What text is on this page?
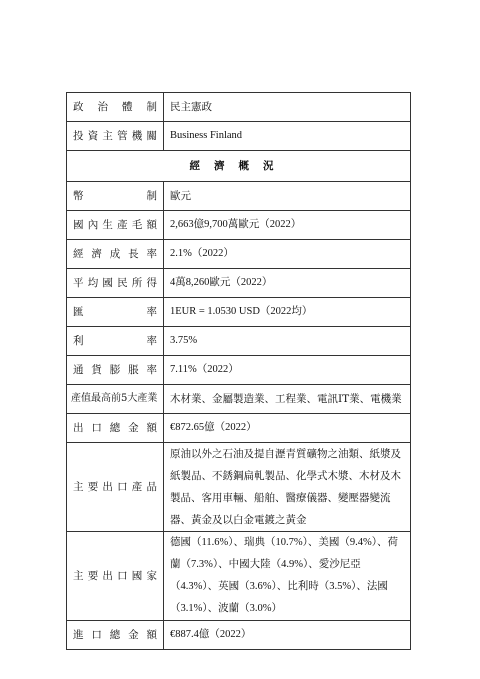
政治體制	民主憲政
投資主管機關	Business Finland
經濟概況	
幣制	歐元
國內生產毛額	2,663億9,700萬歐元（2022）
經濟成長率	2.1%（2022）
平均國民所得	4萬8,260歐元（2022）
匯率	1EUR = 1.0530 USD（2022均）
利率	3.75%
通貨膨脹率	7.11%（2022）
產值最高前5大產業	木材業、金屬製造業、工程業、電訊IT業、電機業
出口總金額	€872.65億（2022）
主要出口產品	原油以外之石油及提自瀝青質礦物之油類、紙漿及紙製品、不銹鋼扁軋製品、化學式木漿、木材及木製品、客用車輛、船舶、醫療儀器、變壓器變流器、黃金及以白金電鍍之黃金
主要出口國家	德國（11.6%）、瑞典（10.7%）、美國（9.4%）、荷蘭（7.3%）、中國大陸（4.9%）、愛沙尼亞（4.3%）、英國（3.6%）、比利時（3.5%）、法國（3.1%）、波蘭（3.0%）
進口總金額	€887.4億（2022）
